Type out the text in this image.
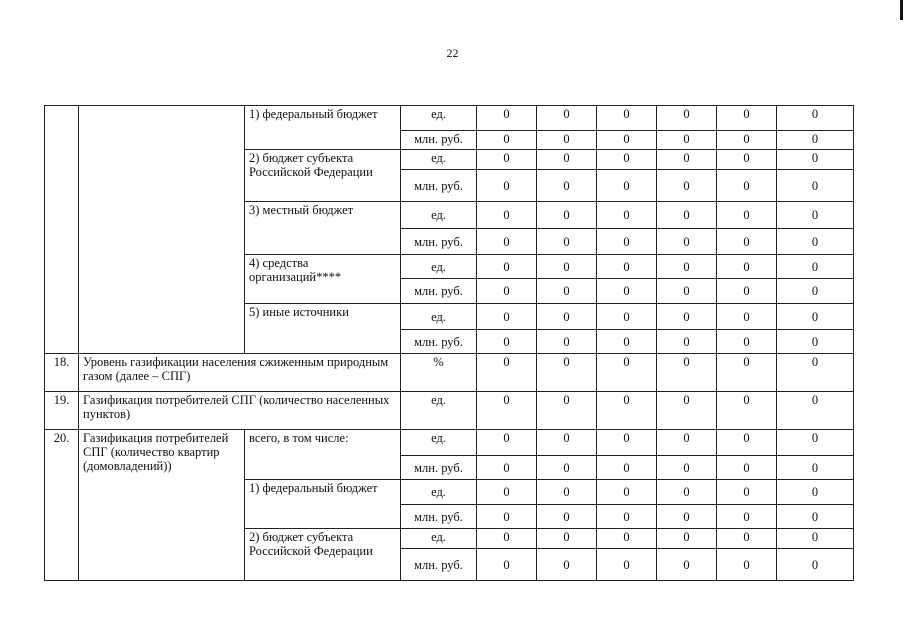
22
		1) федеральный бюджет	ед.	0	0	0	0	0	0
			млн. руб.	0	0	0	0	0	0
		2) бюджет субъекта Российской Федерации	ед.	0	0	0	0	0	0
			млн. руб.	0	0	0	0	0	0
		3) местный бюджет	ед.	0	0	0	0	0	0
			млн. руб.	0	0	0	0	0	0
		4) средства организаций****	ед.	0	0	0	0	0	0
			млн. руб.	0	0	0	0	0	0
		5) иные источники	ед.	0	0	0	0	0	0
			млн. руб.	0	0	0	0	0	0
18.	Уровень газификации населения сжиженным природным газом (далее – СПГ)		%	0	0	0	0	0	0
19.	Газификация потребителей СПГ (количество населенных пунктов)		ед.	0	0	0	0	0	0
20.	Газификация потребителей СПГ (количество квартир (домовладений))	всего, в том числе:	ед.	0	0	0	0	0	0
			млн. руб.	0	0	0	0	0	0
		1) федеральный бюджет	ед.	0	0	0	0	0	0
			млн. руб.	0	0	0	0	0	0
		2) бюджет субъекта Российской Федерации	ед.	0	0	0	0	0	0
			млн. руб.	0	0	0	0	0	0
